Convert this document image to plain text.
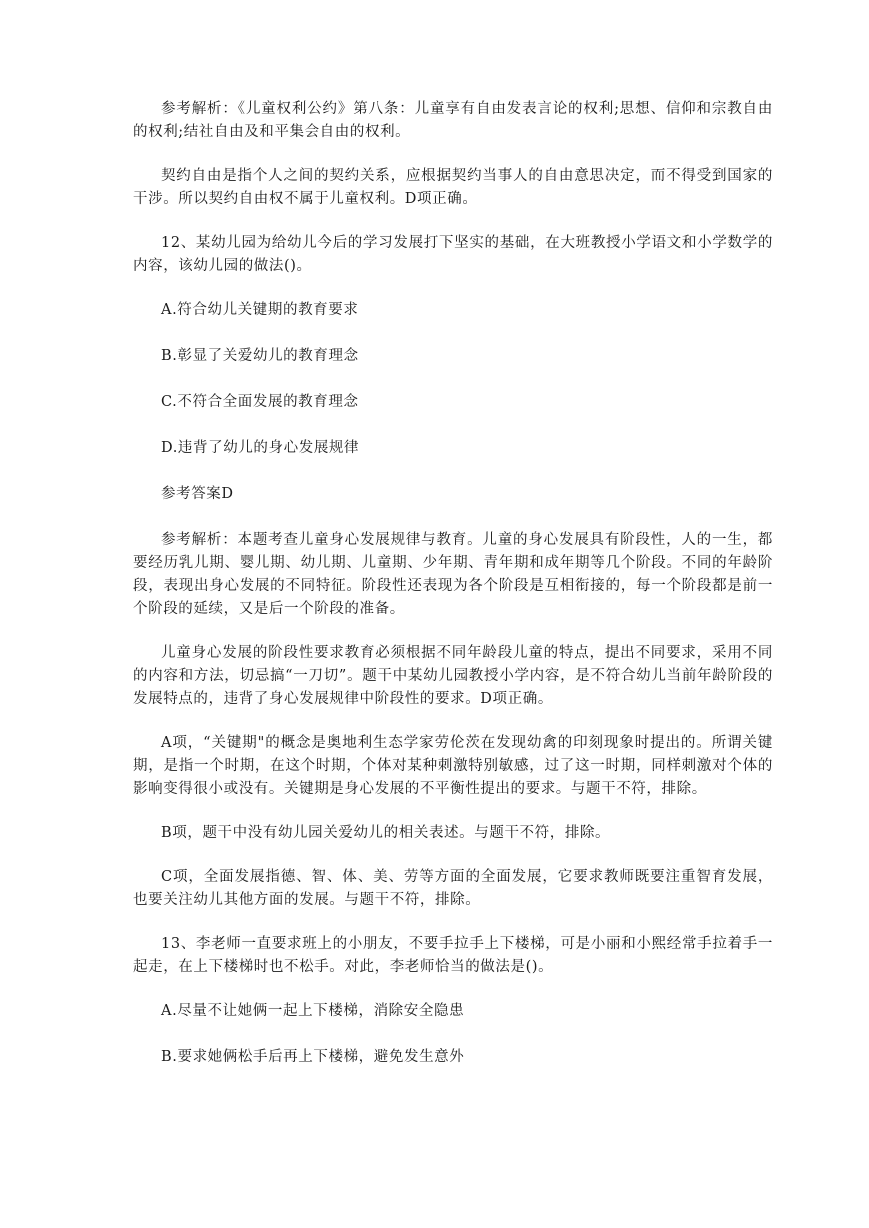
参考解析：《儿童权利公约》第八条：儿童享有自由发表言论的权利;思想、信仰和宗教自由的权利;结社自由及和平集会自由的权利。

契约自由是指个人之间的契约关系，应根据契约当事人的自由意思决定，而不得受到国家的干涉。所以契约自由权不属于儿童权利。D项正确。

12、某幼儿园为给幼儿今后的学习发展打下坚实的基础，在大班教授小学语文和小学数学的内容，该幼儿园的做法()。

A.符合幼儿关键期的教育要求

B.彰显了关爱幼儿的教育理念

C.不符合全面发展的教育理念

D.违背了幼儿的身心发展规律

参考答案D

参考解析：本题考查儿童身心发展规律与教育。儿童的身心发展具有阶段性，人的一生，都要经历乳儿期、婴儿期、幼儿期、儿童期、少年期、青年期和成年期等几个阶段。不同的年龄阶段，表现出身心发展的不同特征。阶段性还表现为各个阶段是互相衔接的，每一个阶段都是前一个阶段的延续，又是后一个阶段的准备。

儿童身心发展的阶段性要求教育必须根据不同年龄段儿童的特点，提出不同要求，采用不同的内容和方法，切忌搞“一刀切”。题干中某幼儿园教授小学内容，是不符合幼儿当前年龄阶段的发展特点的，违背了身心发展规律中阶段性的要求。D项正确。

A项，“关键期"的概念是奥地利生态学家劳伦茨在发现幼禽的印刻现象时提出的。所谓关键期，是指一个时期，在这个时期，个体对某种刺激特别敏感，过了这一时期，同样刺激对个体的影响变得很小或没有。关键期是身心发展的不平衡性提出的要求。与题干不符，排除。

B项，题干中没有幼儿园关爱幼儿的相关表述。与题干不符，排除。

C项，全面发展指德、智、体、美、劳等方面的全面发展，它要求教师既要注重智育发展，也要关注幼儿其他方面的发展。与题干不符，排除。

13、李老师一直要求班上的小朋友，不要手拉手上下楼梯，可是小丽和小熙经常手拉着手一起走，在上下楼梯时也不松手。对此，李老师恰当的做法是()。

A.尽量不让她俩一起上下楼梯，消除安全隐患

B.要求她俩松手后再上下楼梯，避免发生意外
